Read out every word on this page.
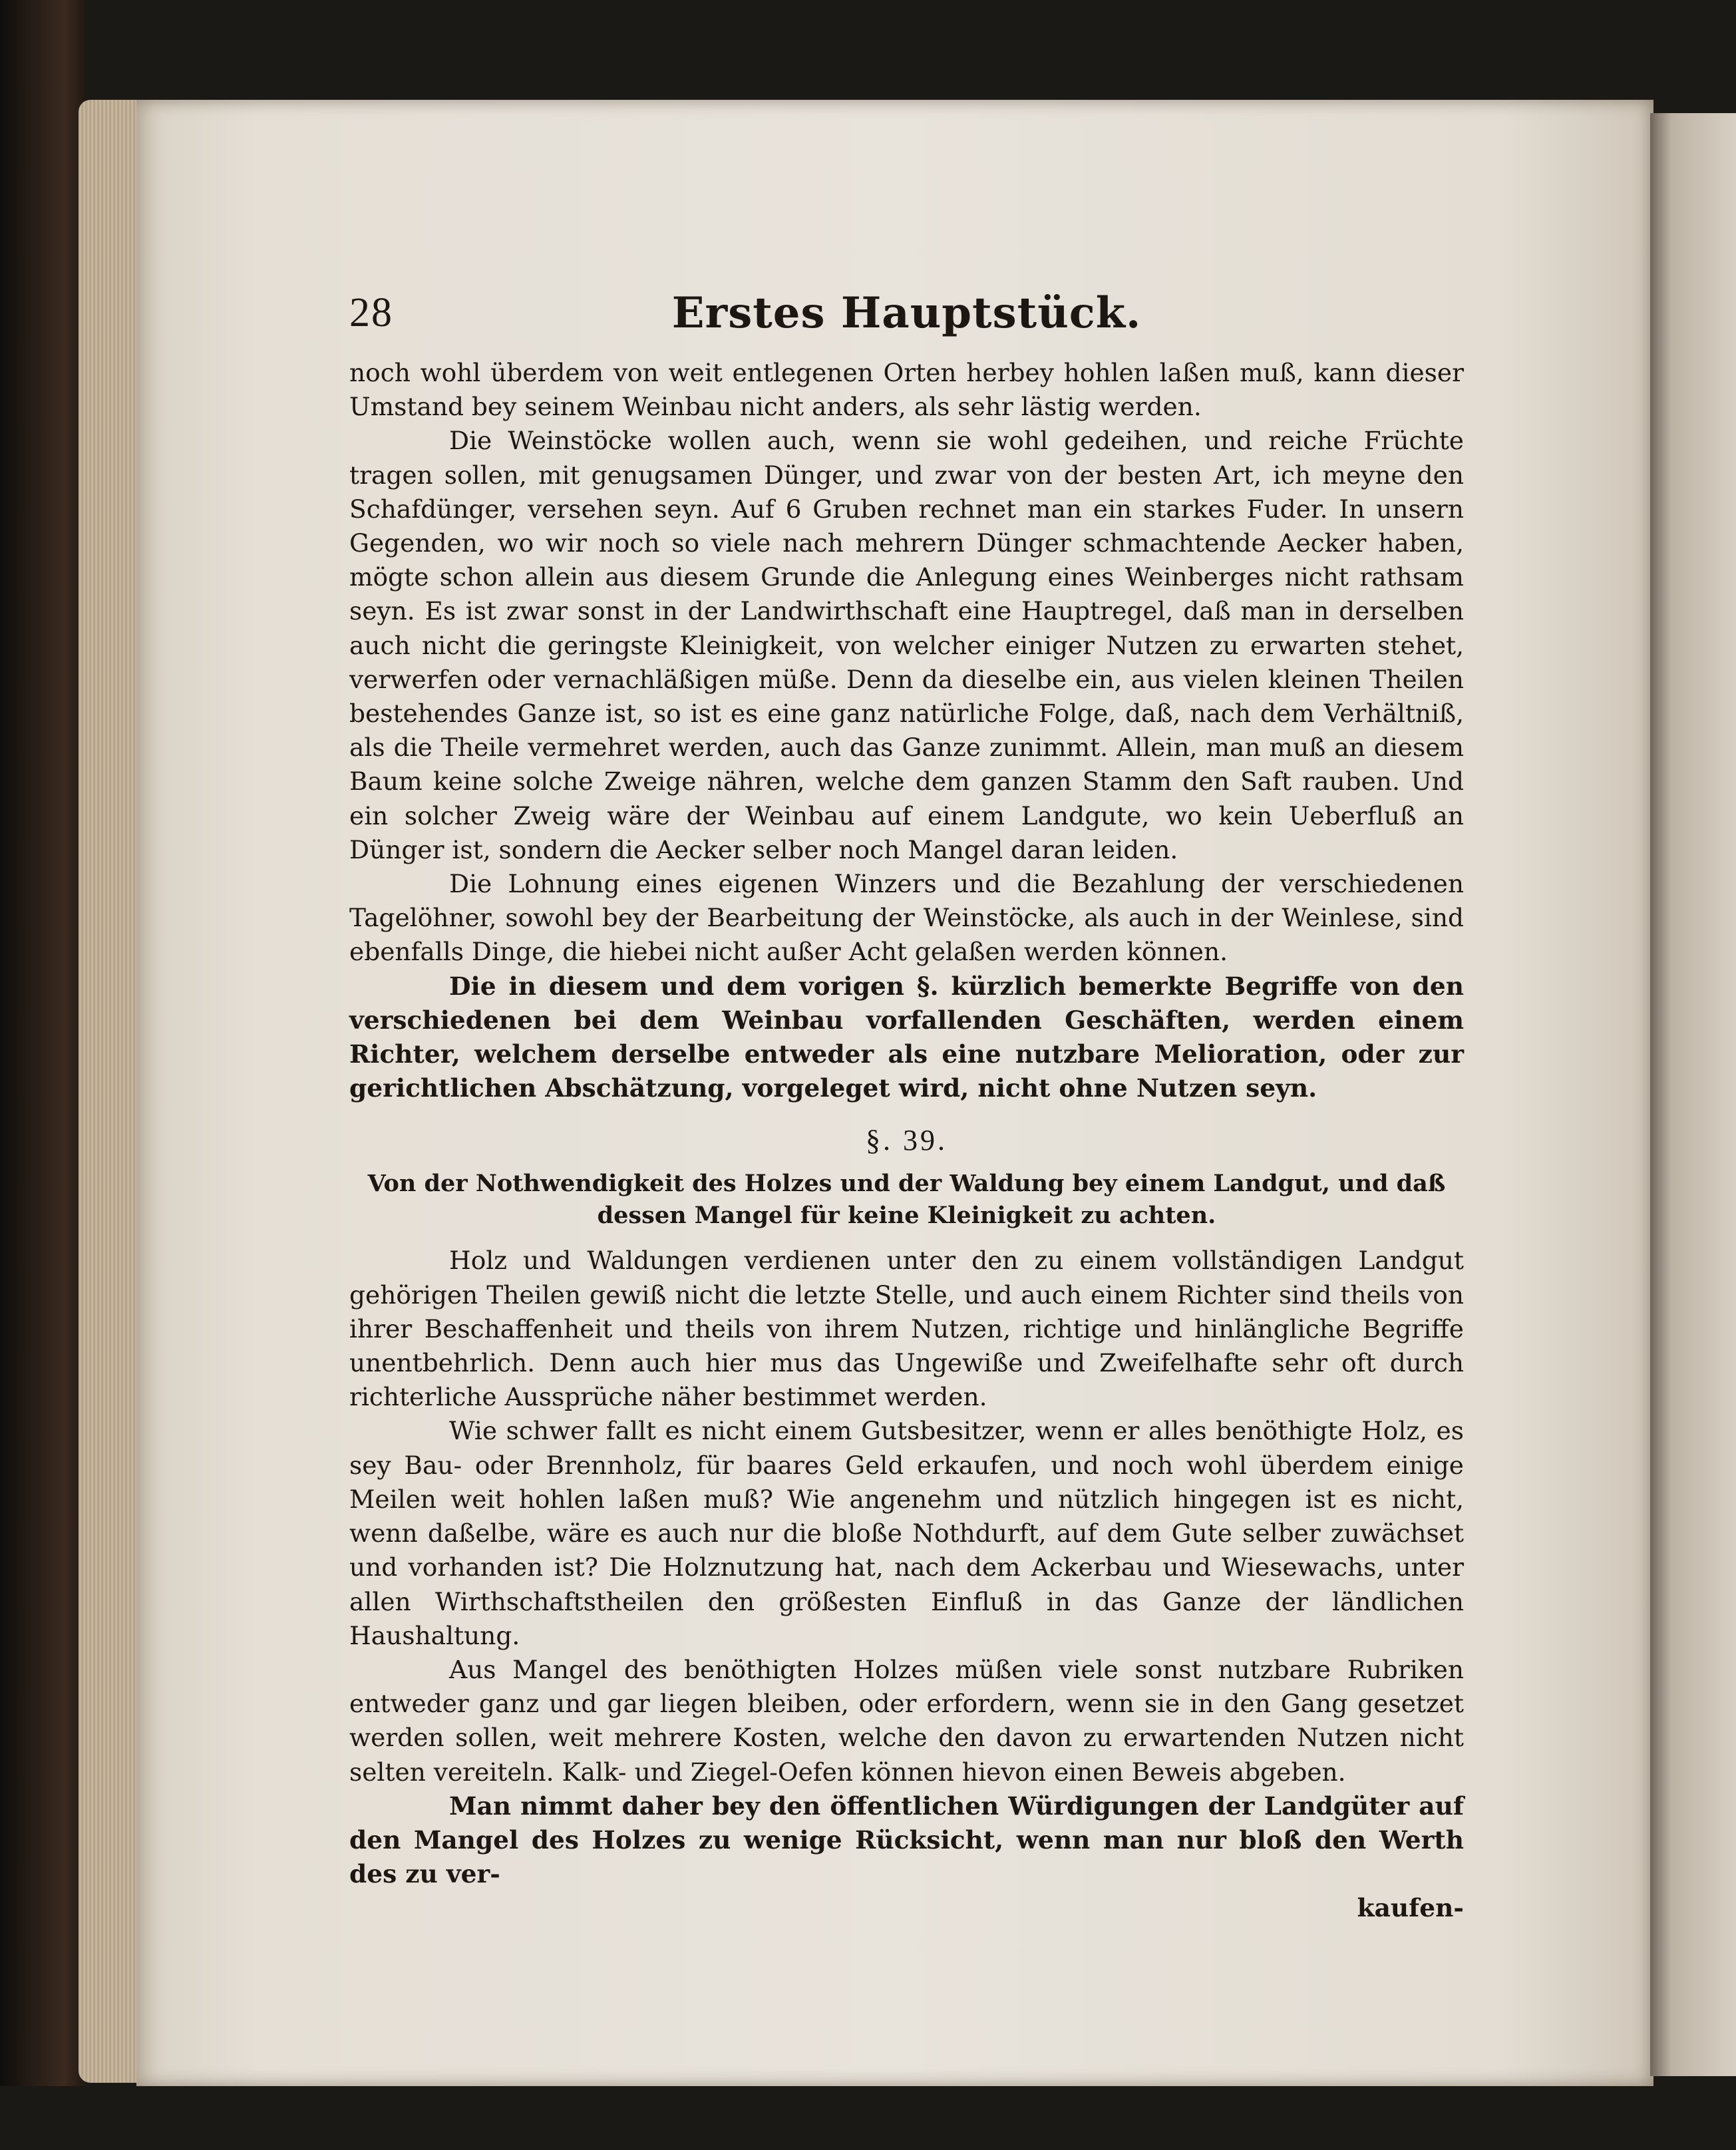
28	Erstes Hauptstück.

noch wohl überdem von weit entlegenen Orten herbey hohlen laßen muß, kann dieser Umstand bey seinem Weinbau nicht anders, als sehr lästig werden.

Die Weinstöcke wollen auch, wenn sie wohl gedeihen, und reiche Früchte tragen sollen, mit genugsamen Dünger, und zwar von der besten Art, ich meyne den Schafdünger, versehen seyn. Auf 6 Gruben rechnet man ein starkes Fuder. In unsern Gegenden, wo wir noch so viele nach mehrern Dünger schmachtende Aecker haben, mögte schon allein aus diesem Grunde die Anlegung eines Weinberges nicht rathsam seyn. Es ist zwar sonst in der Landwirthschaft eine Hauptregel, daß man in derselben auch nicht die geringste Kleinigkeit, von welcher einiger Nutzen zu erwarten stehet, verwerfen oder vernachläßigen müße. Denn da dieselbe ein, aus vielen kleinen Theilen bestehendes Ganze ist, so ist es eine ganz natürliche Folge, daß, nach dem Verhältniß, als die Theile vermehret werden, auch das Ganze zunimmt. Allein, man muß an diesem Baum keine solche Zweige nähren, welche dem ganzen Stamm den Saft rauben. Und ein solcher Zweig wäre der Weinbau auf einem Landgute, wo kein Ueberfluß an Dünger ist, sondern die Aecker selber noch Mangel daran leiden.

Die Lohnung eines eigenen Winzers und die Bezahlung der verschiedenen Tagelöhner, sowohl bey der Bearbeitung der Weinstöcke, als auch in der Weinlese, sind ebenfalls Dinge, die hiebei nicht außer Acht gelaßen werden können.

Die in diesem und dem vorigen §. kürzlich bemerkte Begriffe von den verschiedenen bei dem Weinbau vorfallenden Geschäften, werden einem Richter, welchem derselbe entweder als eine nutzbare Melioration, oder zur gerichtlichen Abschätzung, vorgeleget wird, nicht ohne Nutzen seyn.

§. 39.
Von der Nothwendigkeit des Holzes und der Waldung bey einem Landgut, und daß dessen Mangel für keine Kleinigkeit zu achten.

Holz und Waldungen verdienen unter den zu einem vollständigen Landgut gehörigen Theilen gewiß nicht die letzte Stelle, und auch einem Richter sind theils von ihrer Beschaffenheit und theils von ihrem Nutzen, richtige und hinlängliche Begriffe unentbehrlich. Denn auch hier mus das Ungewiße und Zweifelhafte sehr oft durch richterliche Aussprüche näher bestimmet werden.

Wie schwer fallt es nicht einem Gutsbesitzer, wenn er alles benöthigte Holz, es sey Bau- oder Brennholz, für baares Geld erkaufen, und noch wohl überdem einige Meilen weit hohlen laßen muß? Wie angenehm und nützlich hingegen ist es nicht, wenn daßelbe, wäre es auch nur die bloße Nothdurft, auf dem Gute selber zuwächset und vorhanden ist? Die Holznutzung hat, nach dem Ackerbau und Wiesewachs, unter allen Wirthschaftstheilen den größesten Einfluß in das Ganze der ländlichen Haushaltung.

Aus Mangel des benöthigten Holzes müßen viele sonst nutzbare Rubriken entweder ganz und gar liegen bleiben, oder erfordern, wenn sie in den Gang gesetzet werden sollen, weit mehrere Kosten, welche den davon zu erwartenden Nutzen nicht selten vereiteln. Kalk- und Ziegel-Oefen können hievon einen Beweis abgeben.

Man nimmt daher bey den öffentlichen Würdigungen der Landgüter auf den Mangel des Holzes zu wenige Rücksicht, wenn man nur bloß den Werth des zu ver-

kaufen-
